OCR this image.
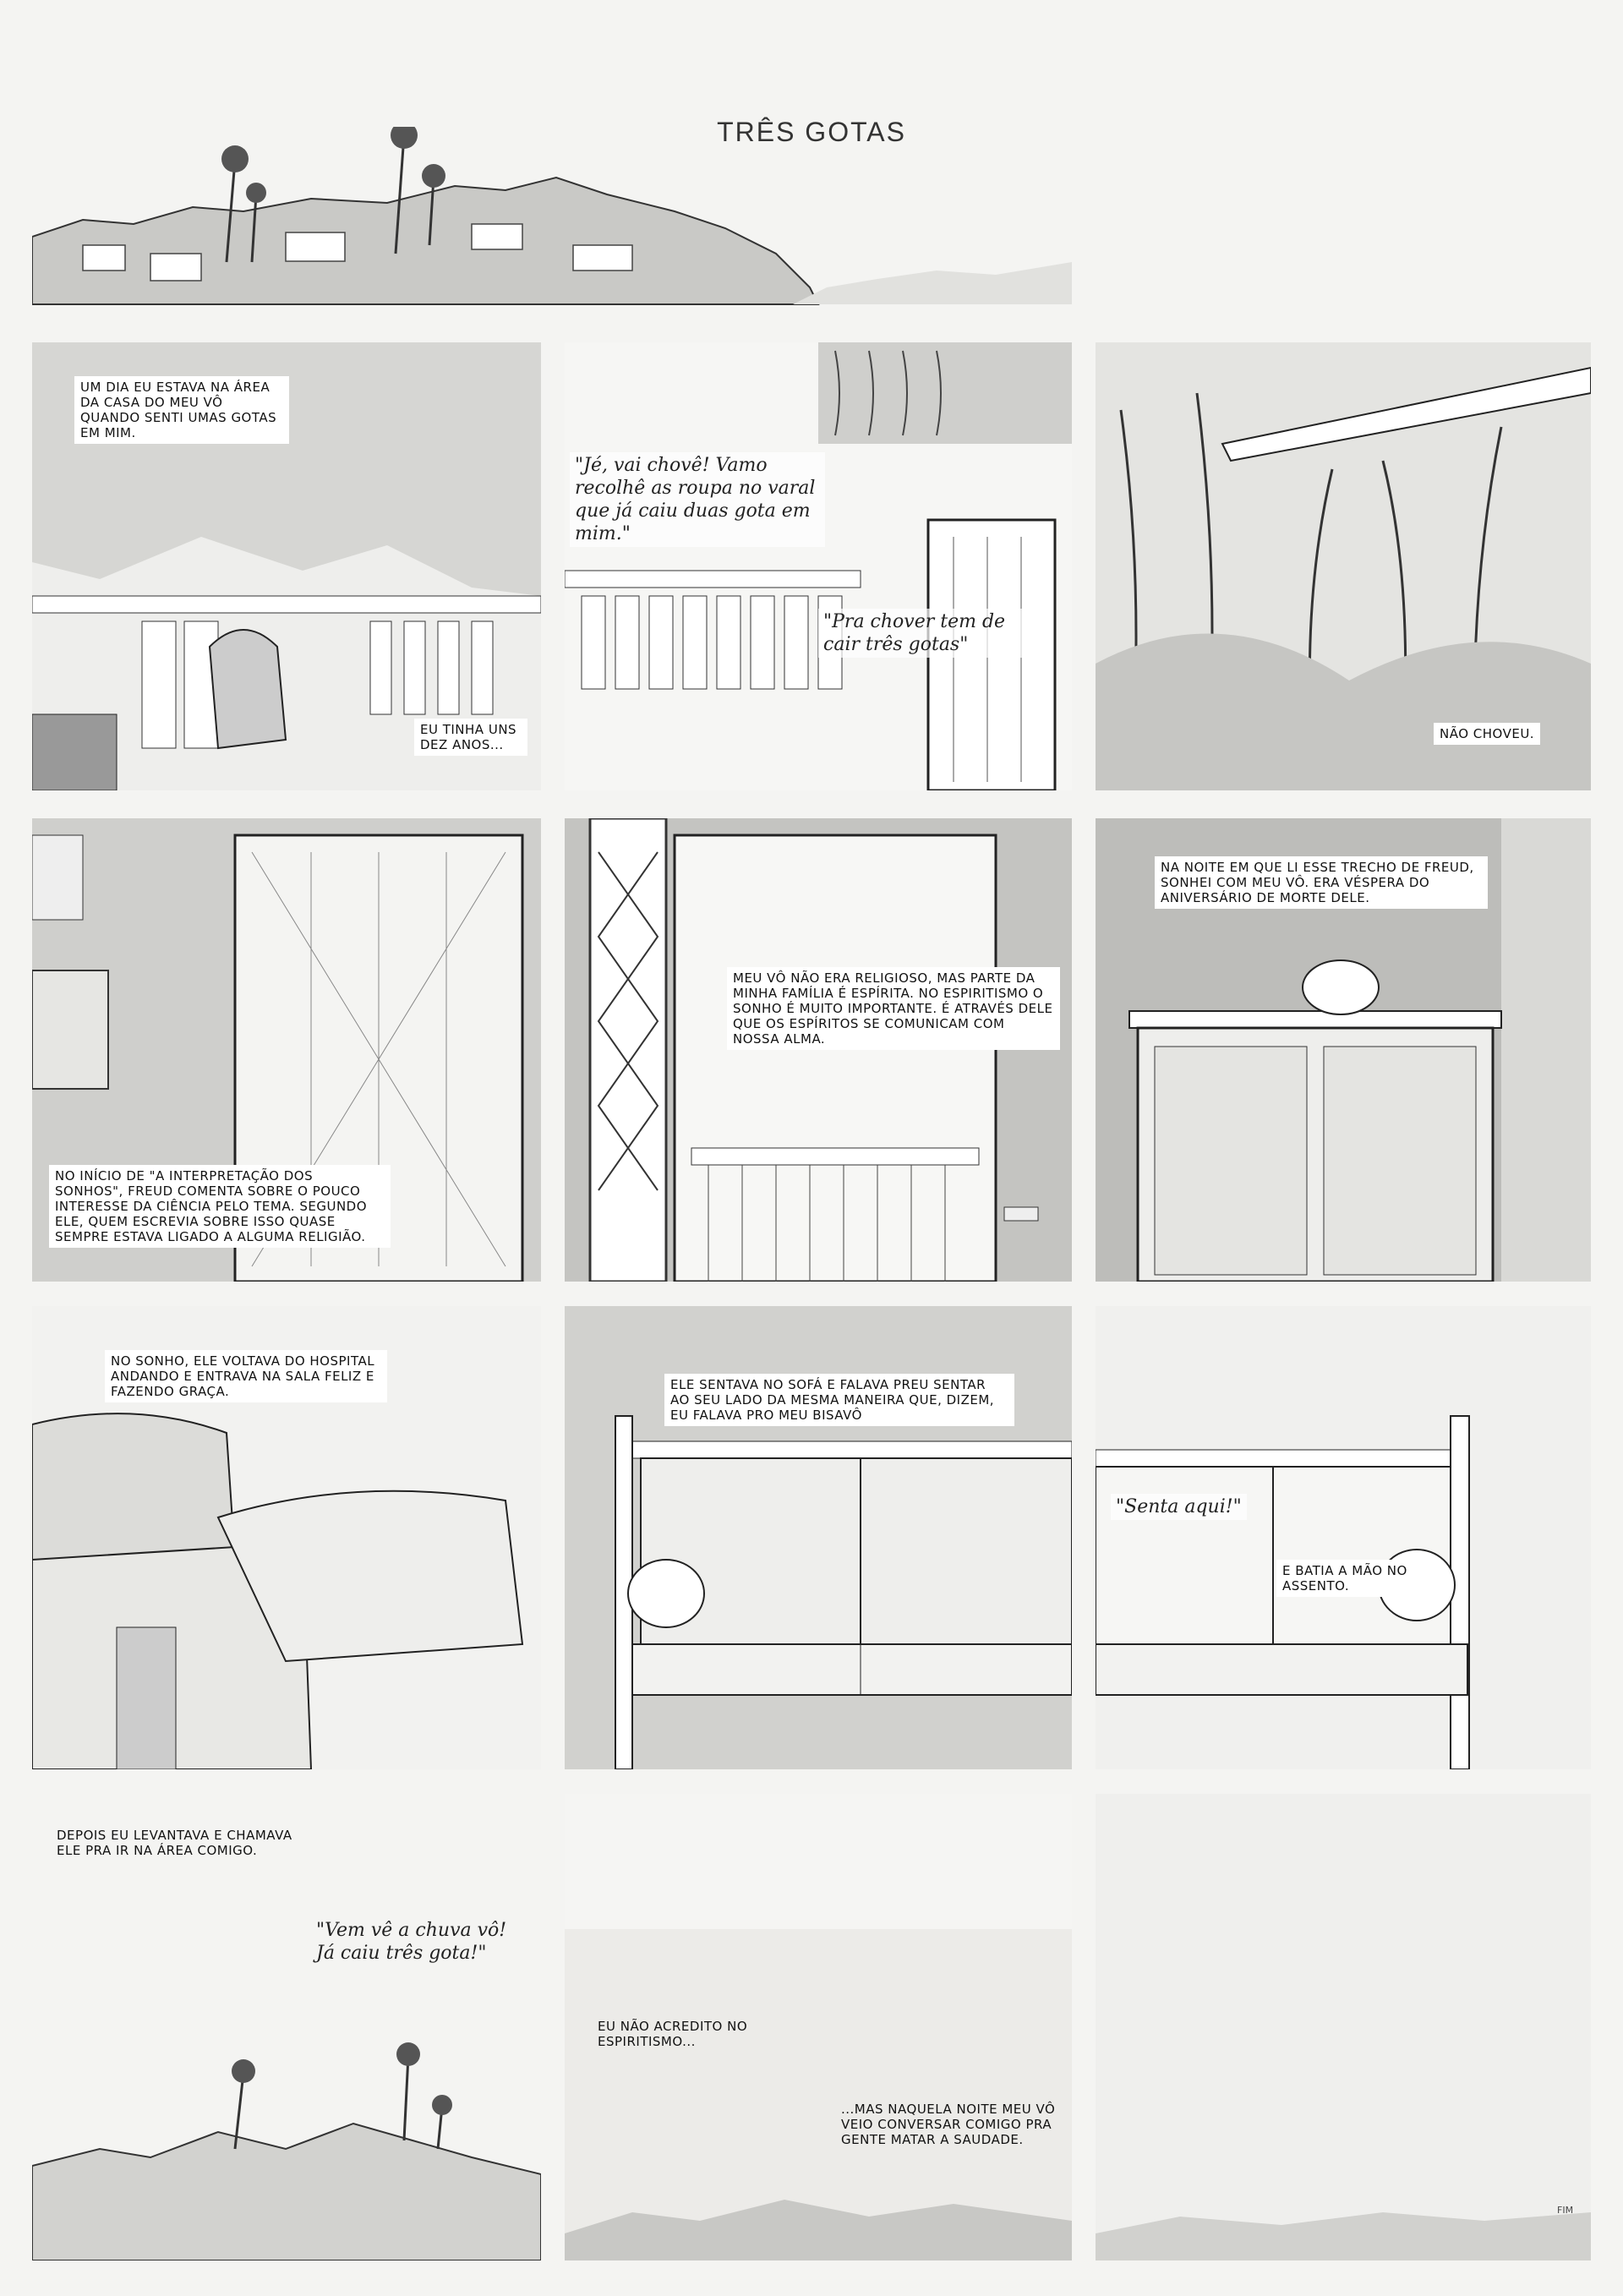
TRÊS GOTAS
UM DIA EU ESTAVA NA ÁREA DA CASA DO MEU VÔ QUANDO SENTI UMAS GOTAS EM MIM.
EU TINHA UNS DEZ ANOS...
"Jé, vai chovê! Vamo recolhê as roupa no varal que já caiu duas gota em mim."
"Pra chover tem de cair três gotas"
NÃO CHOVEU.
NO INÍCIO DE "A INTERPRETAÇÃO DOS SONHOS", FREUD COMENTA SOBRE O POUCO INTERESSE DA CIÊNCIA PELO TEMA. SEGUNDO ELE, QUEM ESCREVIA SOBRE ISSO QUASE SEMPRE ESTAVA LIGADO A ALGUMA RELIGIÃO.
MEU VÔ NÃO ERA RELIGIOSO, MAS PARTE DA MINHA FAMÍLIA É ESPÍRITA. NO ESPIRITISMO O SONHO É MUITO IMPORTANTE. É ATRAVÉS DELE QUE OS ESPÍRITOS SE COMUNICAM COM NOSSA ALMA.
NA NOITE EM QUE LI ESSE TRECHO DE FREUD, SONHEI COM MEU VÔ. ERA VÉSPERA DO ANIVERSÁRIO DE MORTE DELE.
NO SONHO, ELE VOLTAVA DO HOSPITAL ANDANDO E ENTRAVA NA SALA FELIZ E FAZENDO GRAÇA.	ELE SENTAVA NO SOFÁ E FALAVA PREU SENTAR AO SEU LADO DA MESMA MANEIRA QUE, DIZEM, EU FALAVA PRO MEU BISAVÔ
"Senta aqui!"
E BATIA A MÃO NO ASSENTO.
DEPOIS EU LEVANTAVA E CHAMAVA ELE PRA IR NA ÁREA COMIGO.
"Vem vê a chuva vô! Já caiu três gota!"
EU NÃO ACREDITO NO ESPIRITISMO...
...MAS NAQUELA NOITE MEU VÔ VEIO CONVERSAR COMIGO PRA GENTE MATAR A SAUDADE.
FIM
